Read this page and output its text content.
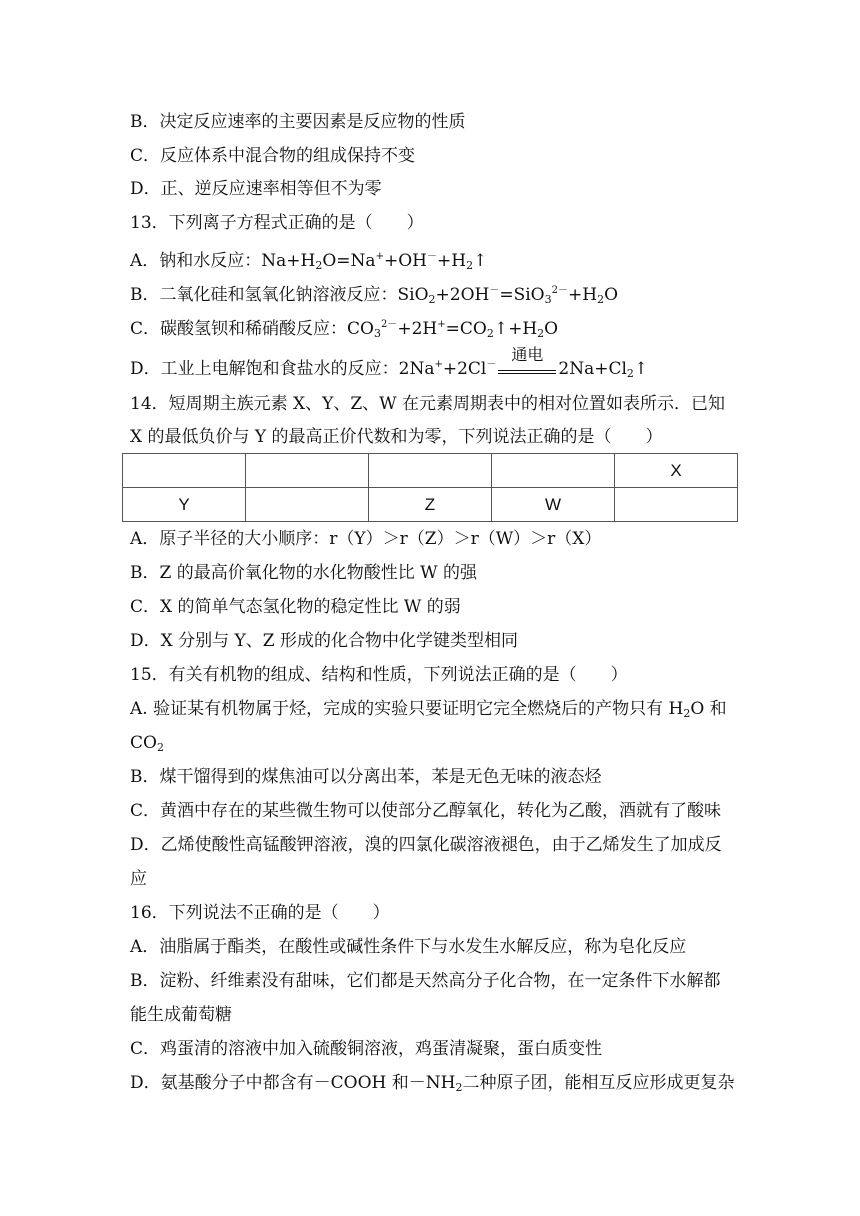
B．决定反应速率的主要因素是反应物的性质
C．反应体系中混合物的组成保持不变
D．正、逆反应速率相等但不为零
13．下列离子方程式正确的是（　　）
A．钠和水反应：$Na+H_2O=Na^++OH^-+H_2↑$
B．二氧化硅和氢氧化钠溶液反应：$SiO_2+2OH^-=SiO_3^{2-}+H_2O$
C．碳酸氢钡和稀硝酸反应：$CO_3^{2-}+2H^+=CO_2↑+H_2O$
D．工业上电解饱和食盐水的反应：2Na++2Cl－
通电
$2Na+Cl_2↑$
14．短周期主族元素 X、Y、Z、W 在元素周期表中的相对位置如表所示．已知
X 的最低负价与 Y 的最高正价代数和为零，下列说法正确的是（　　）
				X
Y		Z	W	
A．原子半径的大小顺序：r（Y）＞r（Z）＞r（W）＞r（X）
B．Z 的最高价氧化物的水化物酸性比 W 的强
C．X 的简单气态氢化物的稳定性比 W 的弱
D．X 分别与 Y、Z 形成的化合物中化学键类型相同
15．有关有机物的组成、结构和性质，下列说法正确的是（　　）
A. 验证某有机物属于烃，完成的实验只要证明它完全燃烧后的产物只有 $H_2O$ 和
$CO_2$
B．煤干馏得到的煤焦油可以分离出苯，苯是无色无味的液态烃
C．黄酒中存在的某些微生物可以使部分乙醇氧化，转化为乙酸，酒就有了酸味
D．乙烯使酸性高锰酸钾溶液，溴的四氯化碳溶液褪色，由于乙烯发生了加成反
应
16．下列说法不正确的是（　　）
A．油脂属于酯类，在酸性或碱性条件下与水发生水解反应，称为皂化反应
B．淀粉、纤维素没有甜味，它们都是天然高分子化合物，在一定条件下水解都
能生成葡萄糖
C．鸡蛋清的溶液中加入硫酸铜溶液，鸡蛋清凝聚，蛋白质变性
D．氨基酸分子中都含有－COOH 和$-NH_2$二种原子团，能相互反应形成更复杂
